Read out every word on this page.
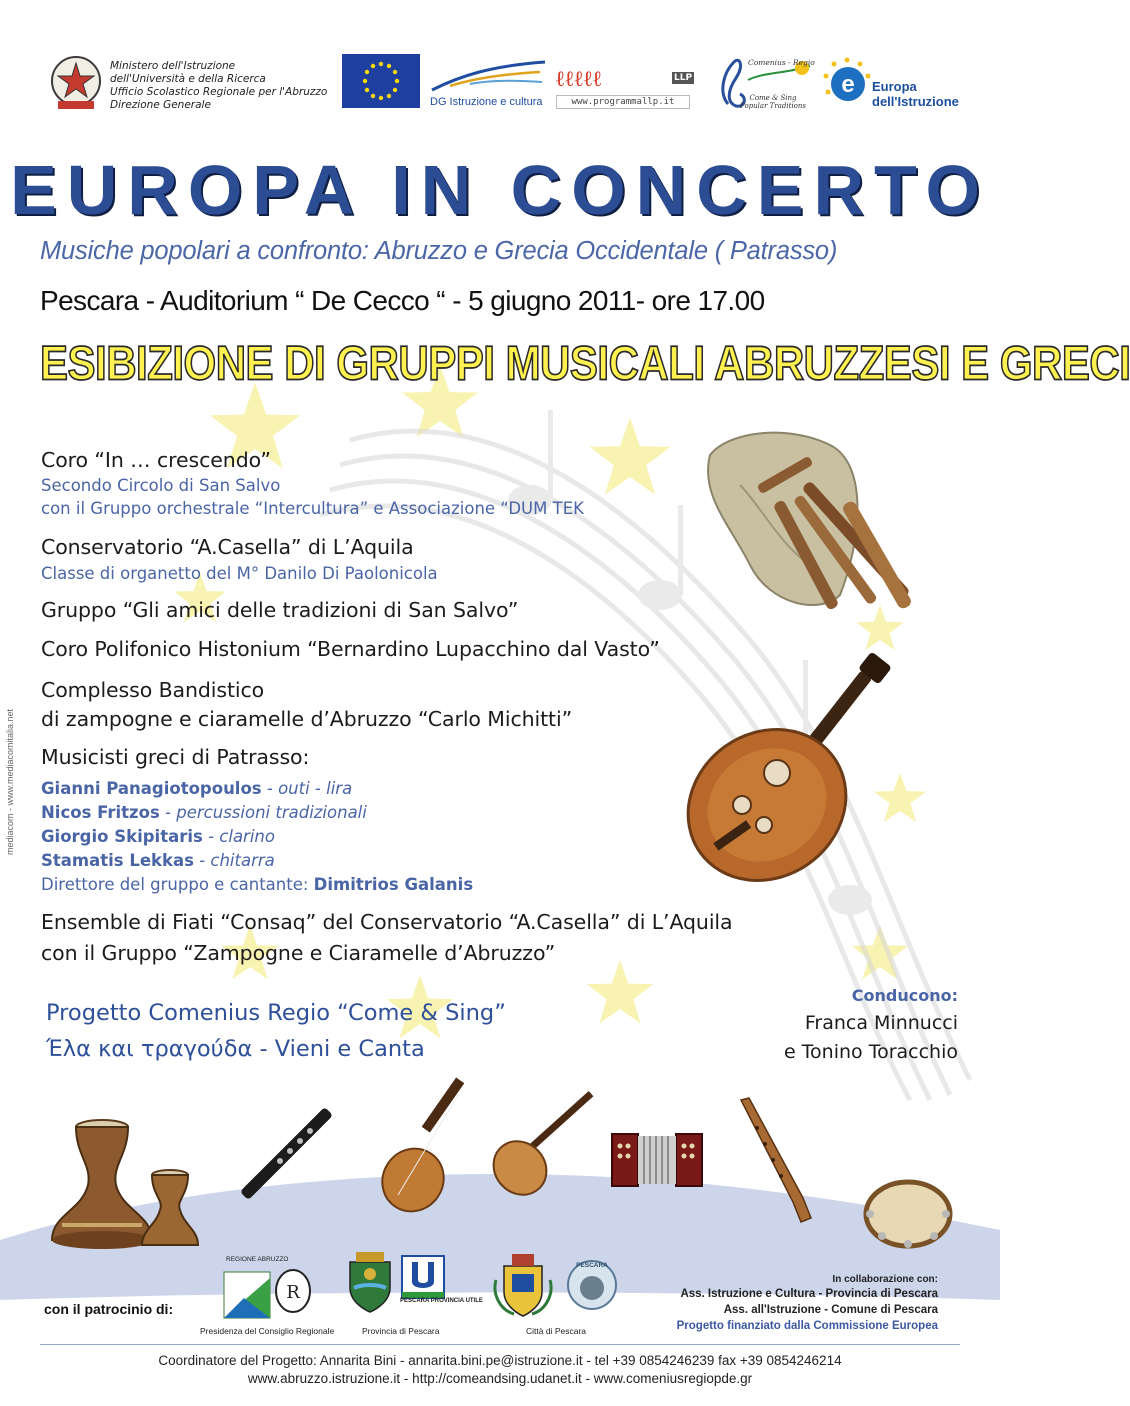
Ministero dell'Istruzione
dell'Università e della Ricerca
Ufficio Scolastico Regionale per l'Abruzzo
Direzione Generale	DG Istruzione e cultura
ℓℓℓℓℓ	LLP
www.programmallp.it
Comenius - Regio
Come & Sing
Popular Traditions
e Europa
dell'Istruzione
EUROPA IN CONCERTO
Musiche popolari a confronto: Abruzzo e Grecia Occidentale ( Patrasso)
Pescara - Auditorium “ De Cecco “ - 5 giugno 2011- ore 17.00
ESIBIZIONE DI GRUPPI MUSICALI ABRUZZESI E GRECI
Coro “In … crescendo”
Secondo Circolo di San Salvo
con il Gruppo orchestrale “Intercultura” e Associazione “DUM TEK
Conservatorio “A.Casella” di L’Aquila
Classe di organetto del M° Danilo Di Paolonicola
Gruppo “Gli amici delle tradizioni di San Salvo”
Coro Polifonico Histonium “Bernardino Lupacchino dal Vasto”
Complesso Bandistico
di zampogne e ciaramelle d’Abruzzo “Carlo Michitti”
Musicisti greci di Patrasso:
Gianni Panagiotopoulos - outi - lira
Nicos Fritzos - percussioni tradizionali
Giorgio Skipitaris - clarino
Stamatis Lekkas - chitarra
Direttore del gruppo e cantante: Dimitrios Galanis
Ensemble di Fiati “Consaq” del Conservatorio “A.Casella” di L’Aquila
con il Gruppo “Zampogne e Ciaramelle d’Abruzzo”
Progetto Comenius Regio “Come & Sing”
Έλα και τραγούδα - Vieni e Canta
Conducono:
Franca Minnucci
e Tonino Toracchio
mediacom - www.mediacomitalia.net
con il patrocinio di:
REGIONE ABRUZZO
R
Presidenza del Consiglio Regionale
PESCARA PROVINCIA UTILE
Provincia di Pescara
PESCARA
Città di Pescara
In collaborazione con:
Ass. Istruzione e Cultura - Provincia di Pescara
Ass. all'Istruzione - Comune di Pescara
Progetto finanziato dalla Commissione Europea
Coordinatore del Progetto: Annarita Bini - annarita.bini.pe@istruzione.it - tel +39 0854246239 fax +39 0854246214
www.abruzzo.istruzione.it - http://comeandsing.udanet.it - www.comeniusregiopde.gr
